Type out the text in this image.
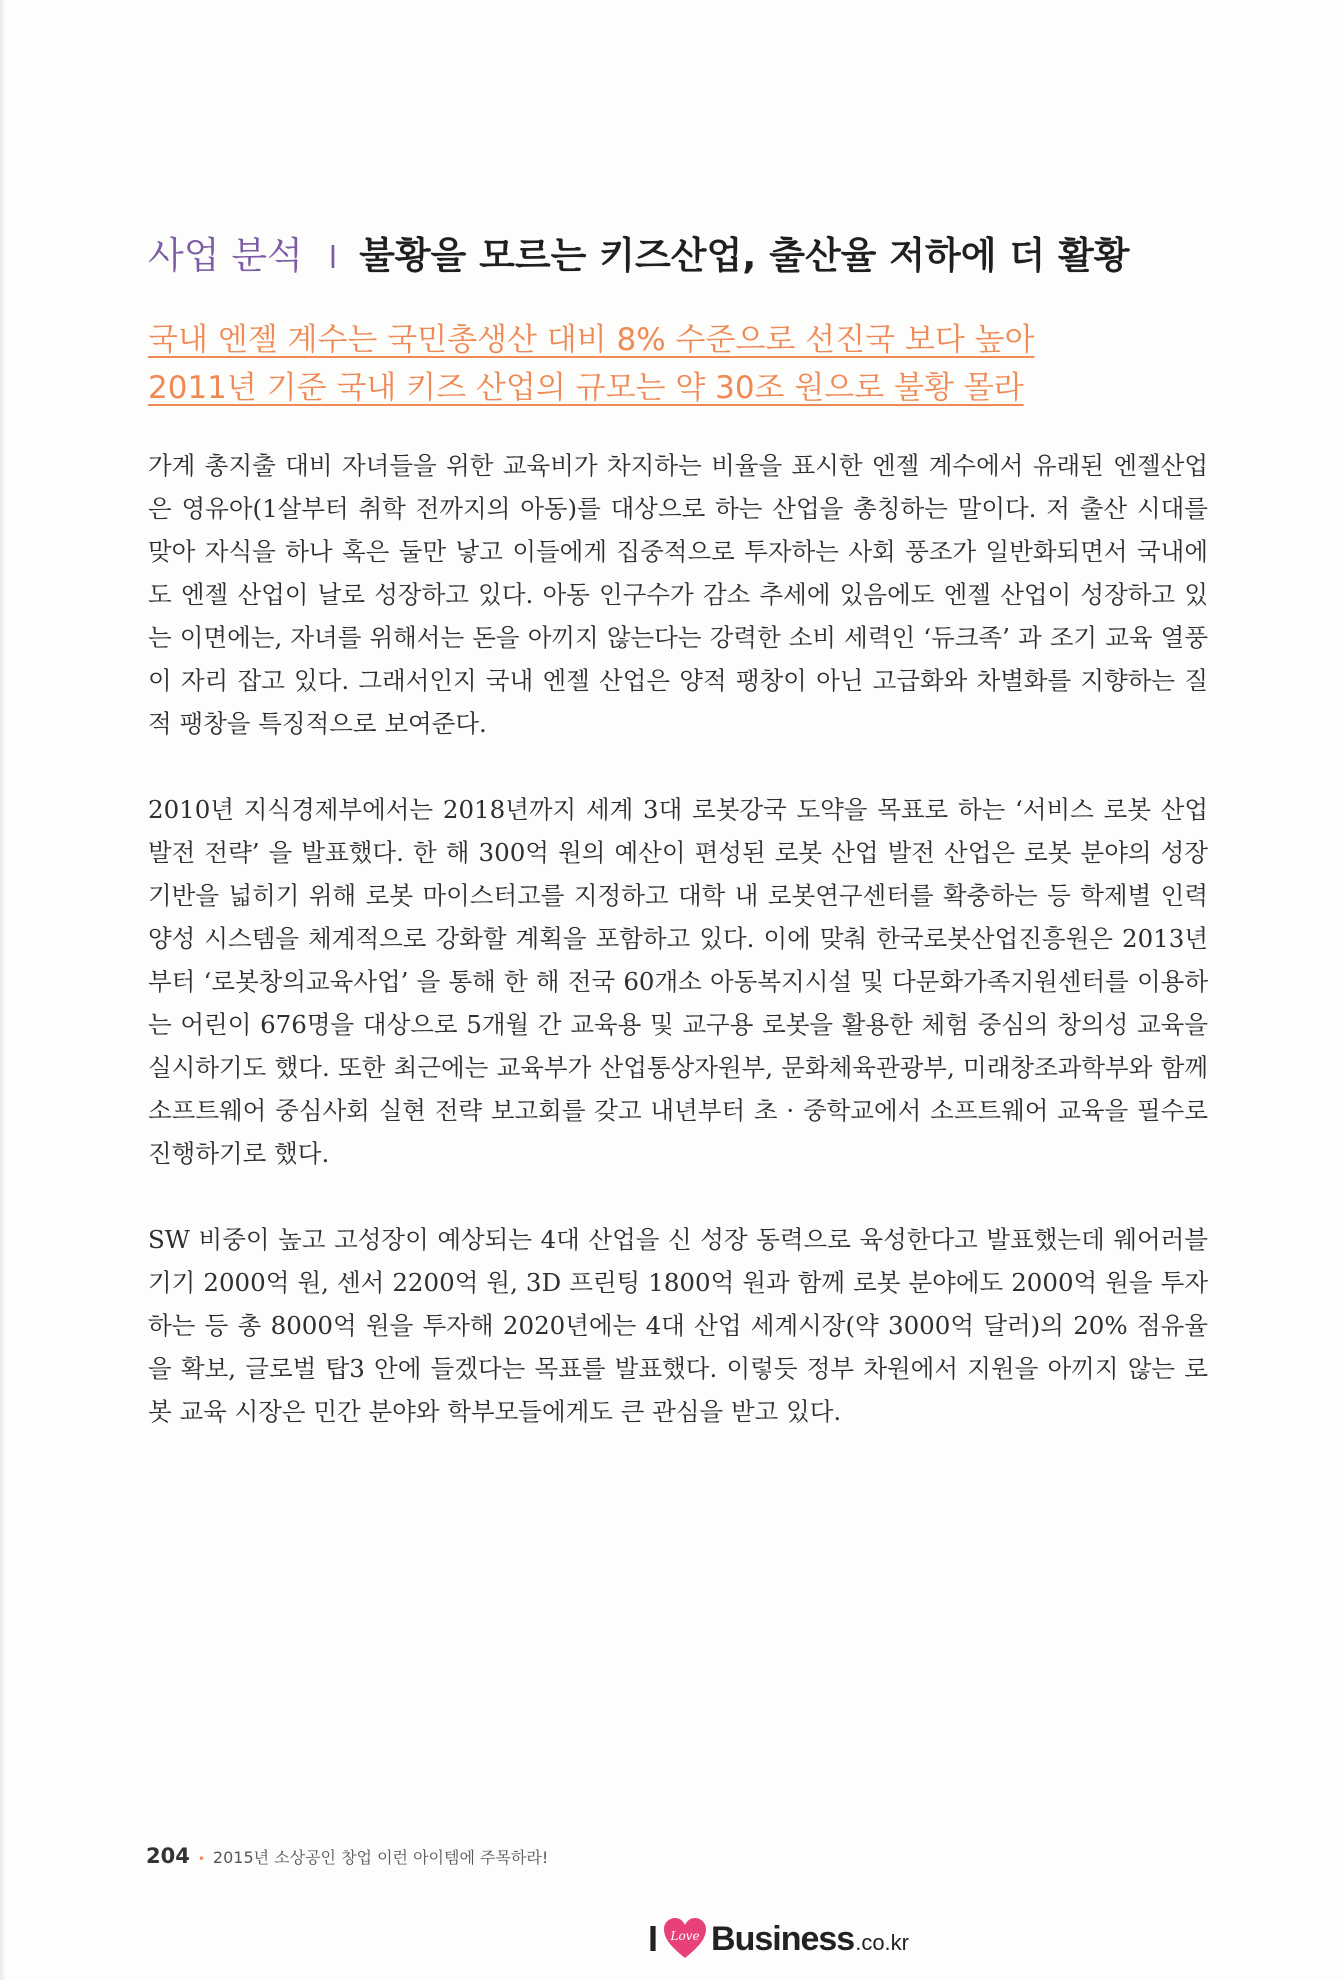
사업 분석 l 불황을 모르는 키즈산업, 출산율 저하에 더 활황
국내 엔젤 계수는 국민총생산 대비 8% 수준으로 선진국 보다 높아
2011년 기준 국내 키즈 산업의 규모는 약 30조 원으로 불황 몰라

가계 총지출 대비 자녀들을 위한 교육비가 차지하는 비율을 표시한 엔젤 계수에서 유래된 엔젤산업은 영유아(1살부터 취학 전까지의 아동)를 대상으로 하는 산업을 총칭하는 말이다. 저 출산 시대를 맞아 자식을 하나 혹은 둘만 낳고 이들에게 집중적으로 투자하는 사회 풍조가 일반화되면서 국내에도 엔젤 산업이 날로 성장하고 있다. 아동 인구수가 감소 추세에 있음에도 엔젤 산업이 성장하고 있는 이면에는, 자녀를 위해서는 돈을 아끼지 않는다는 강력한 소비 세력인 ‘듀크족’ 과 조기 교육 열풍이 자리 잡고 있다. 그래서인지 국내 엔젤 산업은 양적 팽창이 아닌 고급화와 차별화를 지향하는 질적 팽창을 특징적으로 보여준다.

2010년 지식경제부에서는 2018년까지 세계 3대 로봇강국 도약을 목표로 하는 ‘서비스 로봇 산업 발전 전략’ 을 발표했다. 한 해 300억 원의 예산이 편성된 로봇 산업 발전 산업은 로봇 분야의 성장기반을 넓히기 위해 로봇 마이스터고를 지정하고 대학 내 로봇연구센터를 확충하는 등 학제별 인력양성 시스템을 체계적으로 강화할 계획을 포함하고 있다. 이에 맞춰 한국로봇산업진흥원은 2013년부터 ‘로봇창의교육사업’ 을 통해 한 해 전국 60개소 아동복지시설 및 다문화가족지원센터를 이용하는 어린이 676명을 대상으로 5개월 간 교육용 및 교구용 로봇을 활용한 체험 중심의 창의성 교육을 실시하기도 했다. 또한 최근에는 교육부가 산업통상자원부, 문화체육관광부, 미래창조과학부와 함께 소프트웨어 중심사회 실현 전략 보고회를 갖고 내년부터 초 · 중학교에서 소프트웨어 교육을 필수로 진행하기로 했다.

SW 비중이 높고 고성장이 예상되는 4대 산업을 신 성장 동력으로 육성한다고 발표했는데 웨어러블 기기 2000억 원, 센서 2200억 원, 3D 프린팅 1800억 원과 함께 로봇 분야에도 2000억 원을 투자하는 등 총 8000억 원을 투자해 2020년에는 4대 산업 세계시장(약 3000억 달러)의 20% 점유율을 확보, 글로벌 탑3 안에 들겠다는 목표를 발표했다. 이렇듯 정부 차원에서 지원을 아끼지 않는 로봇 교육 시장은 민간 분야와 학부모들에게도 큰 관심을 받고 있다.

204 • 2015년 소상공인 창업 이런 아이템에 주목하라!
I	Love Business .co.kr
